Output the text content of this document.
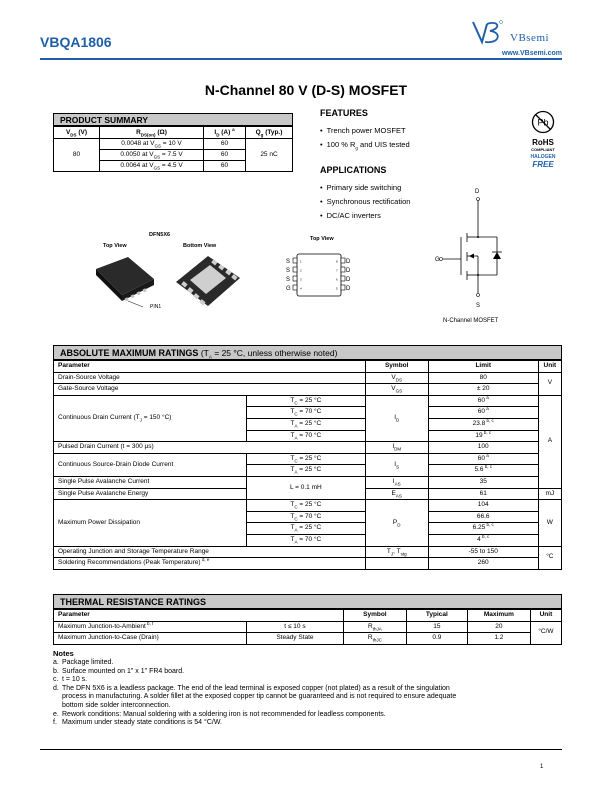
VBQA1806	VBsemi
www.VBsemi.com
N-Channel 80 V (D-S) MOSFET
PRODUCT SUMMARY
$V_{DS}$ (V)	$R_{DS(on)}$ (Ω)	$I_D$ (A) $^a$	$Q_g$ (Typ.)
80	0.0048 at $V_{GS} = 10$ V	60	25 nC
	0.0050 at $V_{GS} = 7.5$ V	60	
	0.0064 at $V_{GS} = 4.5$ V	60	
FEATURES
• Trench power MOSFET
• 100 % $R_g$ and UIS tested
APPLICATIONS
• Primary side switching
• Synchronous rectification
• DC/AC inverters
Pb
RoHS
COMPLIANT
HALOGEN
FREE
DFN5X6
Top View	Bottom View
PIN1
Top View
S
S
S
G
D
D
D
D
1
2
3
4
8
7
6
5
D
G
S
N-Channel MOSFET
ABSOLUTE MAXIMUM RATINGS ($T_A = 25$ °C, unless otherwise noted)
Parameter		Symbol	Limit	Unit
Drain-Source Voltage		$V_{DS}$	80	V
Gate-Source Voltage		$V_{GS}$	± 20	
Continuous Drain Current ($T_J = 150$ °C)	$T_C = 25$ °C	$I_D$	60 $^a$	A
	$T_C = 70$ °C		60 $^a$
	$T_A = 25$ °C		23.8 $^{b, c}$
	$T_A = 70$ °C		19 $^{b, c}$
Pulsed Drain Current (t = 300 µs)		$I_{DM}$	100	
Continuous Source-Drain Diode Current	$T_C = 25$ °C	$I_S$	60 $^a$
	$T_A = 25$ °C		5.6 $^{b, c}$
Single Pulse Avalanche Current	L = 0.1 mH	$I_{AS}$	35	
Single Pulse Avalanche Energy		$E_{AS}$	61	mJ
Maximum Power Dissipation	$T_C = 25$ °C	$P_D$	104	W
	$T_C = 70$ °C		66.6	
	$T_A = 25$ °C		6.25 $^{b, c}$
	$T_A = 70$ °C		4 $^{b, c}$
Operating Junction and Storage Temperature Range		$T_J$, $T_{stg}$	-55 to 150	°C
Soldering Recommendations (Peak Temperature) $^{d, e}$			260	
THERMAL RESISTANCE RATINGS
Parameter		Symbol	Typical	Maximum	Unit
Maximum Junction-to-Ambient $^{b, f}$	t ≤ 10 s	$R_{thJA}$	15	20	°C/W
Maximum Junction-to-Case (Drain)	Steady State	$R_{thJC}$	0.9	1.2	
Notes
a. Package limited.
b. Surface mounted on 1" x 1" FR4 board.
c. t = 10 s.
d. The DFN 5X6 is a leadless package. The end of the lead terminal is exposed copper (not plated) as a result of the singulation
process in manufacturing. A solder fillet at the exposed copper tip cannot be guaranteed and is not required to ensure adequate
bottom side solder interconnection.
e. Rework conditions: Manual soldering with a soldering iron is not recommended for leadless components.
f. Maximum under steady state conditions is 54 °C/W.
1
